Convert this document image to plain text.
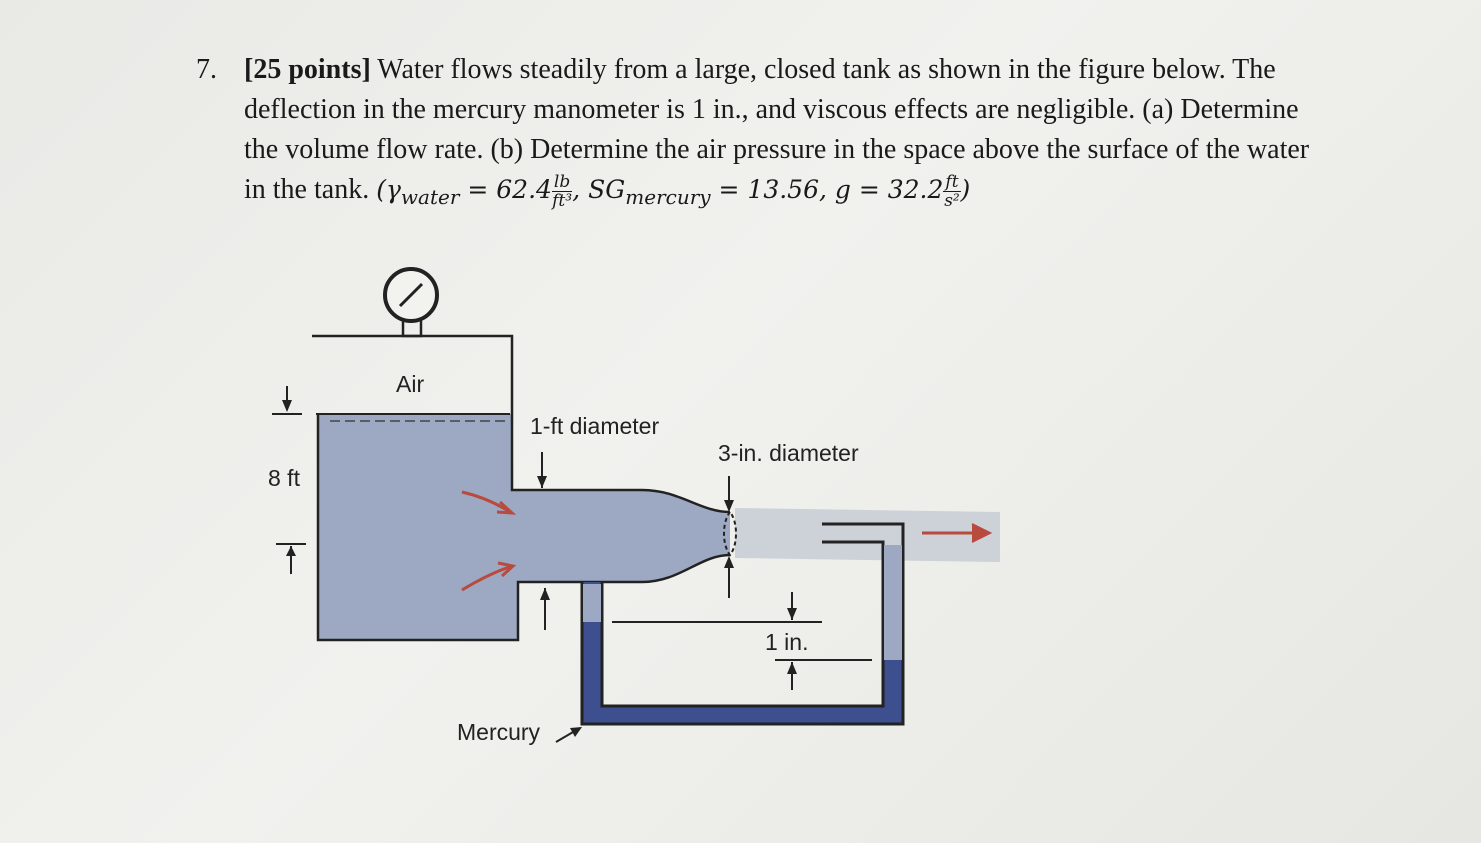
7. [25 points] Water flows steadily from a large, closed tank as shown in the figure below. The deflection in the mercury manometer is 1 in., and viscous effects are negligible. (a) Determine the volume flow rate. (b) Determine the air pressure in the space above the surface of the water in the tank. ($\gamma_{water} = 62.4 \frac{lb}{\text{ft³}}$ , $SG_{mercury} = 13.56$, $g = 32.2 \frac{ft}{\text{s²}}$ )
Air
8 ft
1-ft diameter
3-in. diameter
1 in.
Mercury
